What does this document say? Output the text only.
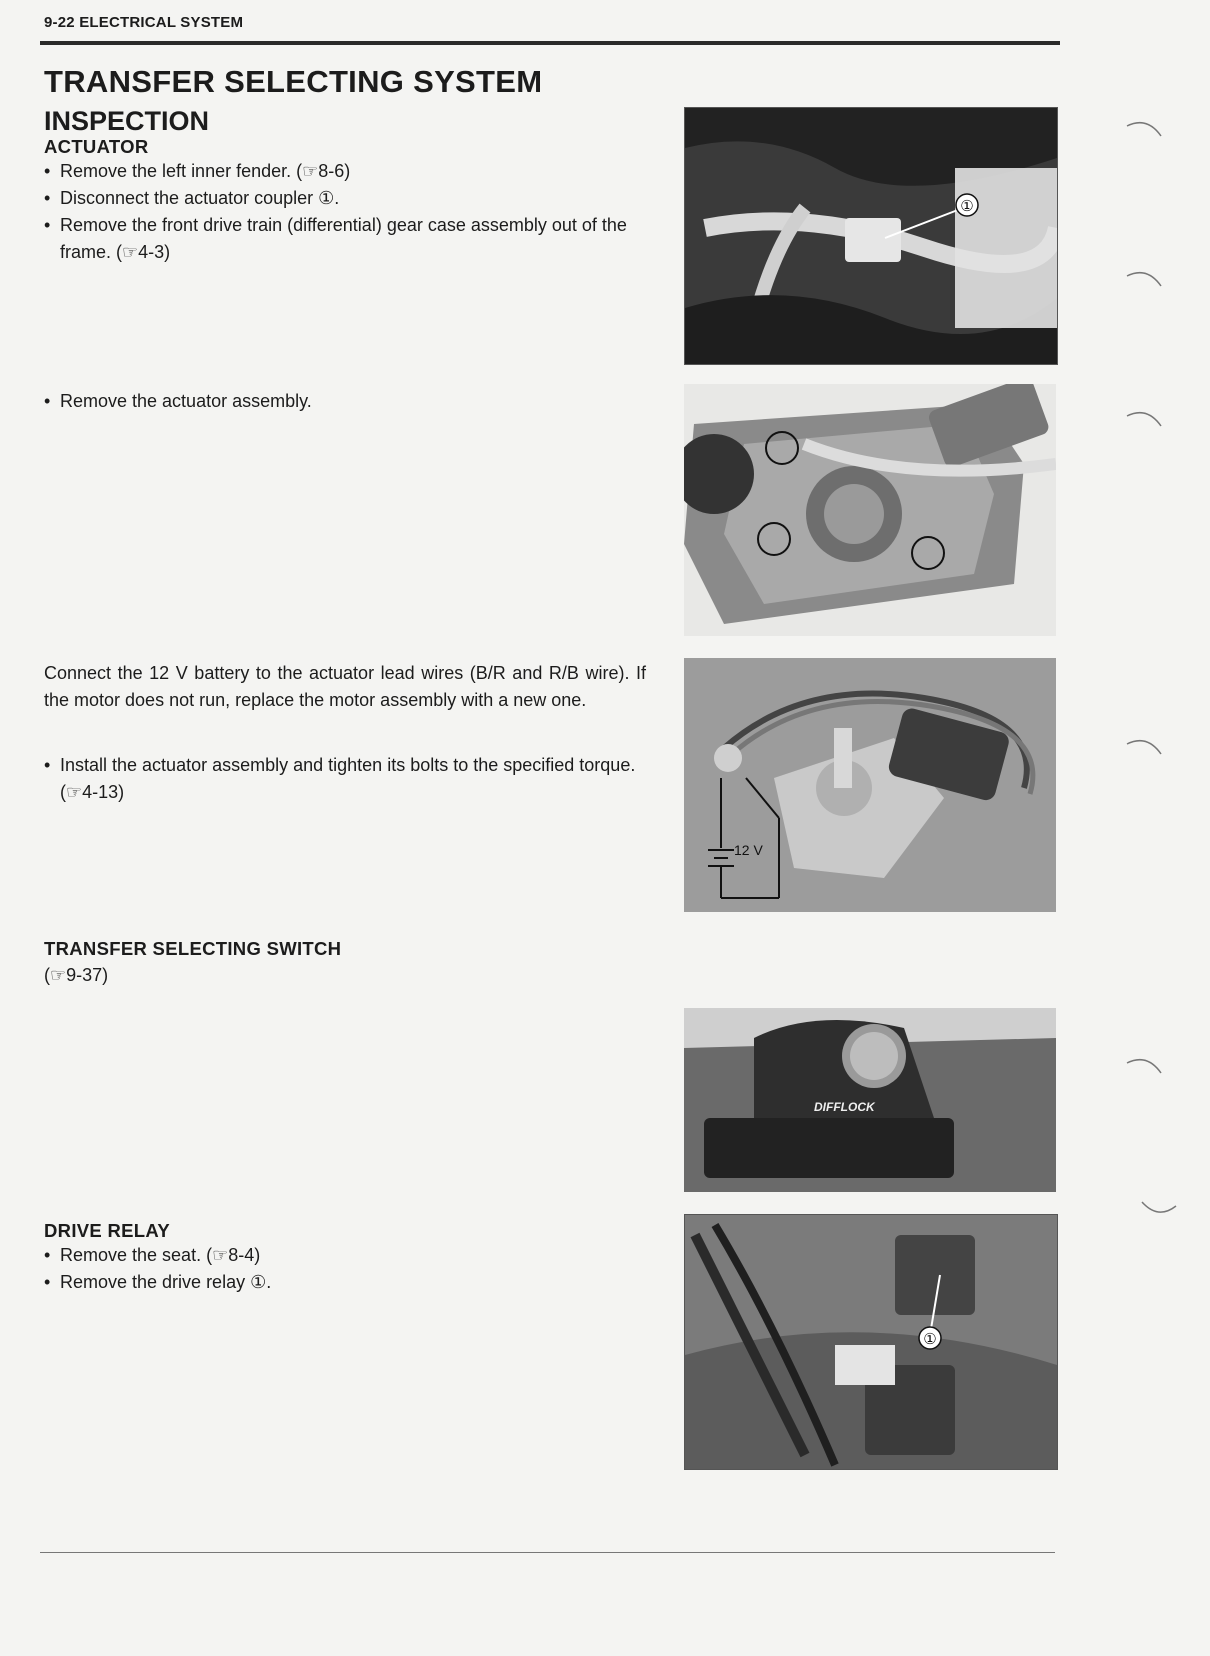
9-22 ELECTRICAL SYSTEM
TRANSFER SELECTING SYSTEM
INSPECTION
ACTUATOR
• Remove the left inner fender. (☞8-6)
• Disconnect the actuator coupler ①.
• Remove the front drive train (differential) gear case assembly out of the frame. (☞4-3)
• Remove the actuator assembly.
Connect the 12 V battery to the actuator lead wires (B/R and R/B wire). If the motor does not run, replace the motor assembly with a new one.
• Install the actuator assembly and tighten its bolts to the specified torque. (☞4-13)
TRANSFER SELECTING SWITCH
(☞9-37)
DRIVE RELAY
• Remove the seat. (☞8-4)
• Remove the drive relay ①.
①
12 V
DIFFLOCK
①
